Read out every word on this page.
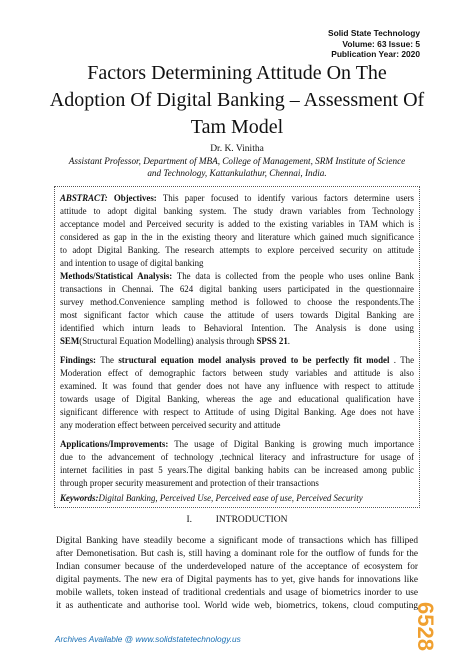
Solid State Technology
Volume: 63 Issue: 5
Publication Year: 2020
Factors Determining Attitude On The
Adoption Of Digital Banking – Assessment Of
Tam Model
Dr. K. Vinitha
Assistant Professor, Department of MBA, College of Management, SRM Institute of Science
and Technology, Kattankulathur, Chennai, India.
ABSTRACT: Objectives: This paper focused to identify various factors determine users
attitude to adopt digital banking system. The study drawn variables from Technology
acceptance model and Perceived security is added to the existing variables in TAM which is
considered as gap in the in the existing theory and literature which gained much significance
to adopt Digital Banking. The research attempts to explore perceived security on attitude
and intention to usage of digital banking
Methods/Statistical Analysis: The data is collected from the people who uses online Bank
transactions in Chennai. The 624 digital banking users participated in the questionnaire
survey method.Convenience sampling method is followed to choose the respondents.The
most significant factor which cause the attitude of users towards Digital Banking are
identified which inturn leads to Behavioral Intention. The Analysis is done using
SEM(Structural Equation Modelling) analysis through SPSS 21.
Findings: The structural equation model analysis proved to be perfectly fit model . The
Moderation effect of demographic factors between study variables and attitude is also
examined. It was found that gender does not have any influence with respect to attitude
towards usage of Digital Banking, whereas the age and educational qualification have
significant difference with respect to Attitude of using Digital Banking. Age does not have
any moderation effect between perceived security and attitude
Applications/Improvements: The usage of Digital Banking is growing much importance
due to the advancement of technology ,technical literacy and infrastructure for usage of
internet facilities in past 5 years.The digital banking habits can be increased among public
through proper security measurement and protection of their transactions
Keywords:Digital Banking, Perceived Use, Perceived ease of use, Perceived Security
I.	INTRODUCTION
Digital Banking have steadily become a significant mode of transactions which has filliped
after Demonetisation. But cash is, still having a dominant role for the outflow of funds for the
Indian consumer because of the underdeveloped nature of the acceptance of ecosystem for
digital payments. The new era of Digital payments has to yet, give hands for innovations like
mobile wallets, token instead of traditional credentials and usage of biometrics inorder to use
it as authenticate and authorise tool. World wide web, biometrics, tokens, cloud computing
Archives Available @ www.solidstatetechnology.us	6528
